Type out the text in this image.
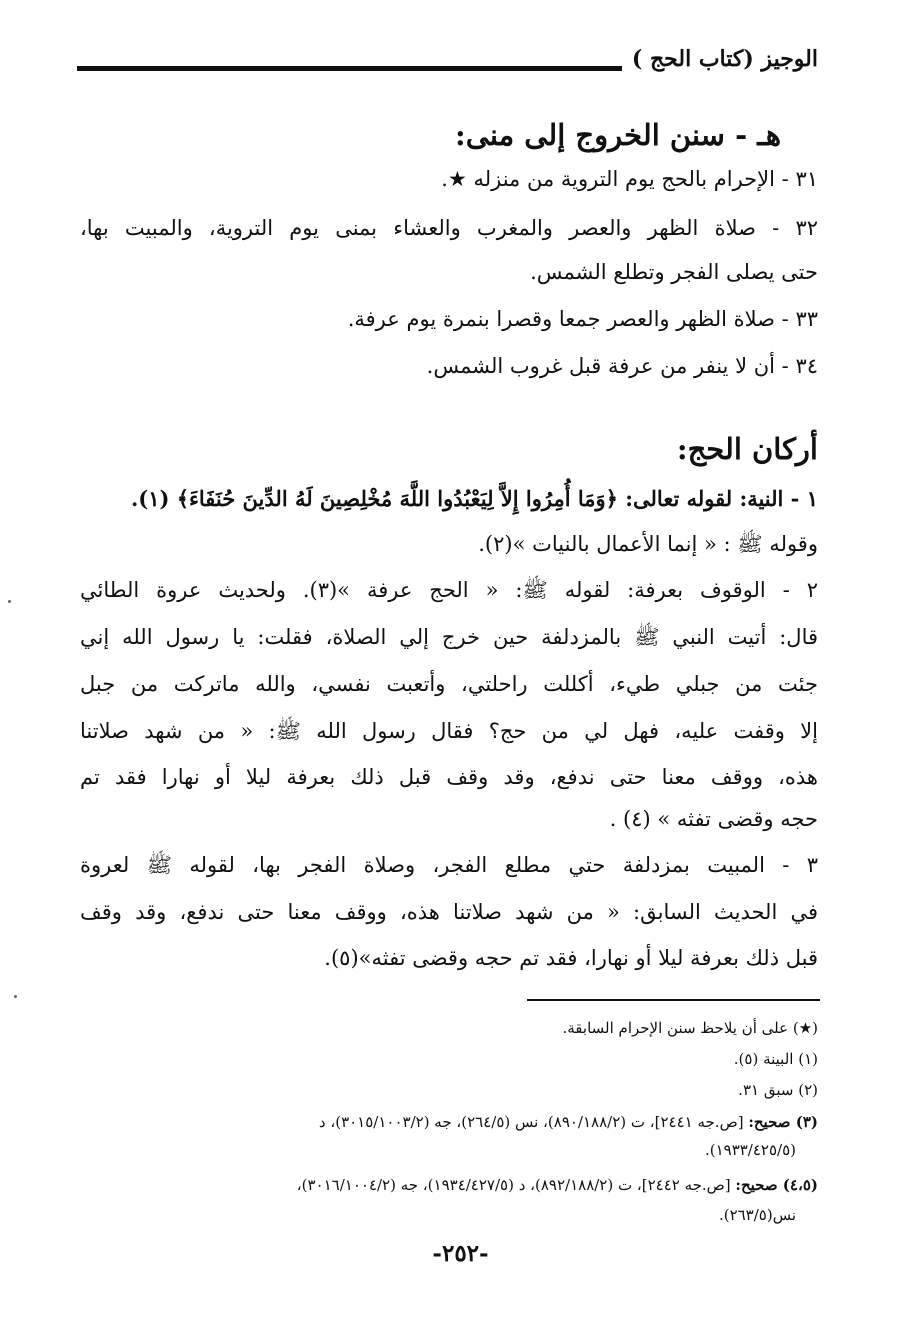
الوجيز (كتاب الحج )
هـ - سنن الخروج إلى منى:
٣١ - الإحرام بالحج يوم التروية من منزله ★.
٣٢ - صلاة الظهر والعصر والمغرب والعشاء بمنى يوم التروية، والمبيت بها،
حتى يصلى الفجر وتطلع الشمس.
٣٣ - صلاة الظهر والعصر جمعا وقصرا بنمرة يوم عرفة.
٣٤ - أن لا ينفر من عرفة قبل غروب الشمس.
أركان الحج:
١ - النية: لقوله تعالى: ﴿وَمَا أُمِرُوا إِلاَّ لِيَعْبُدُوا اللَّهَ مُخْلِصِينَ لَهُ الدِّينَ حُنَفَاءَ﴾ (١).
وقوله ﷺ : « إنما الأعمال بالنيات »(٢).
٢ - الوقوف بعرفة: لقوله ﷺ: « الحج عرفة »(٣). ولحديث عروة الطائي
قال: أتيت النبي ﷺ بالمزدلفة حين خرج إلي الصلاة، فقلت: يا رسول الله إني
جئت من جبلي طيء، أكللت راحلتي، وأتعبت نفسي، والله ماتركت من جبل
إلا وقفت عليه، فهل لي من حج؟ فقال رسول الله ﷺ: « من شهد صلاتنا
هذه، ووقف معنا حتى ندفع، وقد وقف قبل ذلك بعرفة ليلا أو نهارا فقد تم
حجه وقضى تفثه » (٤) .
٣ - المبيت بمزدلفة حتي مطلع الفجر، وصلاة الفجر بها، لقوله ﷺ لعروة
في الحديث السابق: « من شهد صلاتنا هذه، ووقف معنا حتى ندفع، وقد وقف
قبل ذلك بعرفة ليلا أو نهارا، فقد تم حجه وقضى تفثه»(٥).
(★) على أن يلاحظ سنن الإحرام السابقة.
(١) البينة (٥).
(٢) سبق ٣١.
(٣) صحيح: [ص.جه ٢٤٤١]، ت (٨٩٠/١٨٨/٢)، نس (٢٦٤/٥)، جه (٣٠١٥/١٠٠٣/٢)، د
(١٩٣٣/٤٢٥/٥).
(٤،٥) صحيح: [ص.جه ٢٤٤٢]، ت (٨٩٢/١٨٨/٢)، د (١٩٣٤/٤٢٧/٥)، جه (٣٠١٦/١٠٠٤/٢)،
نس(٢٦٣/٥).
-٢٥٢-
